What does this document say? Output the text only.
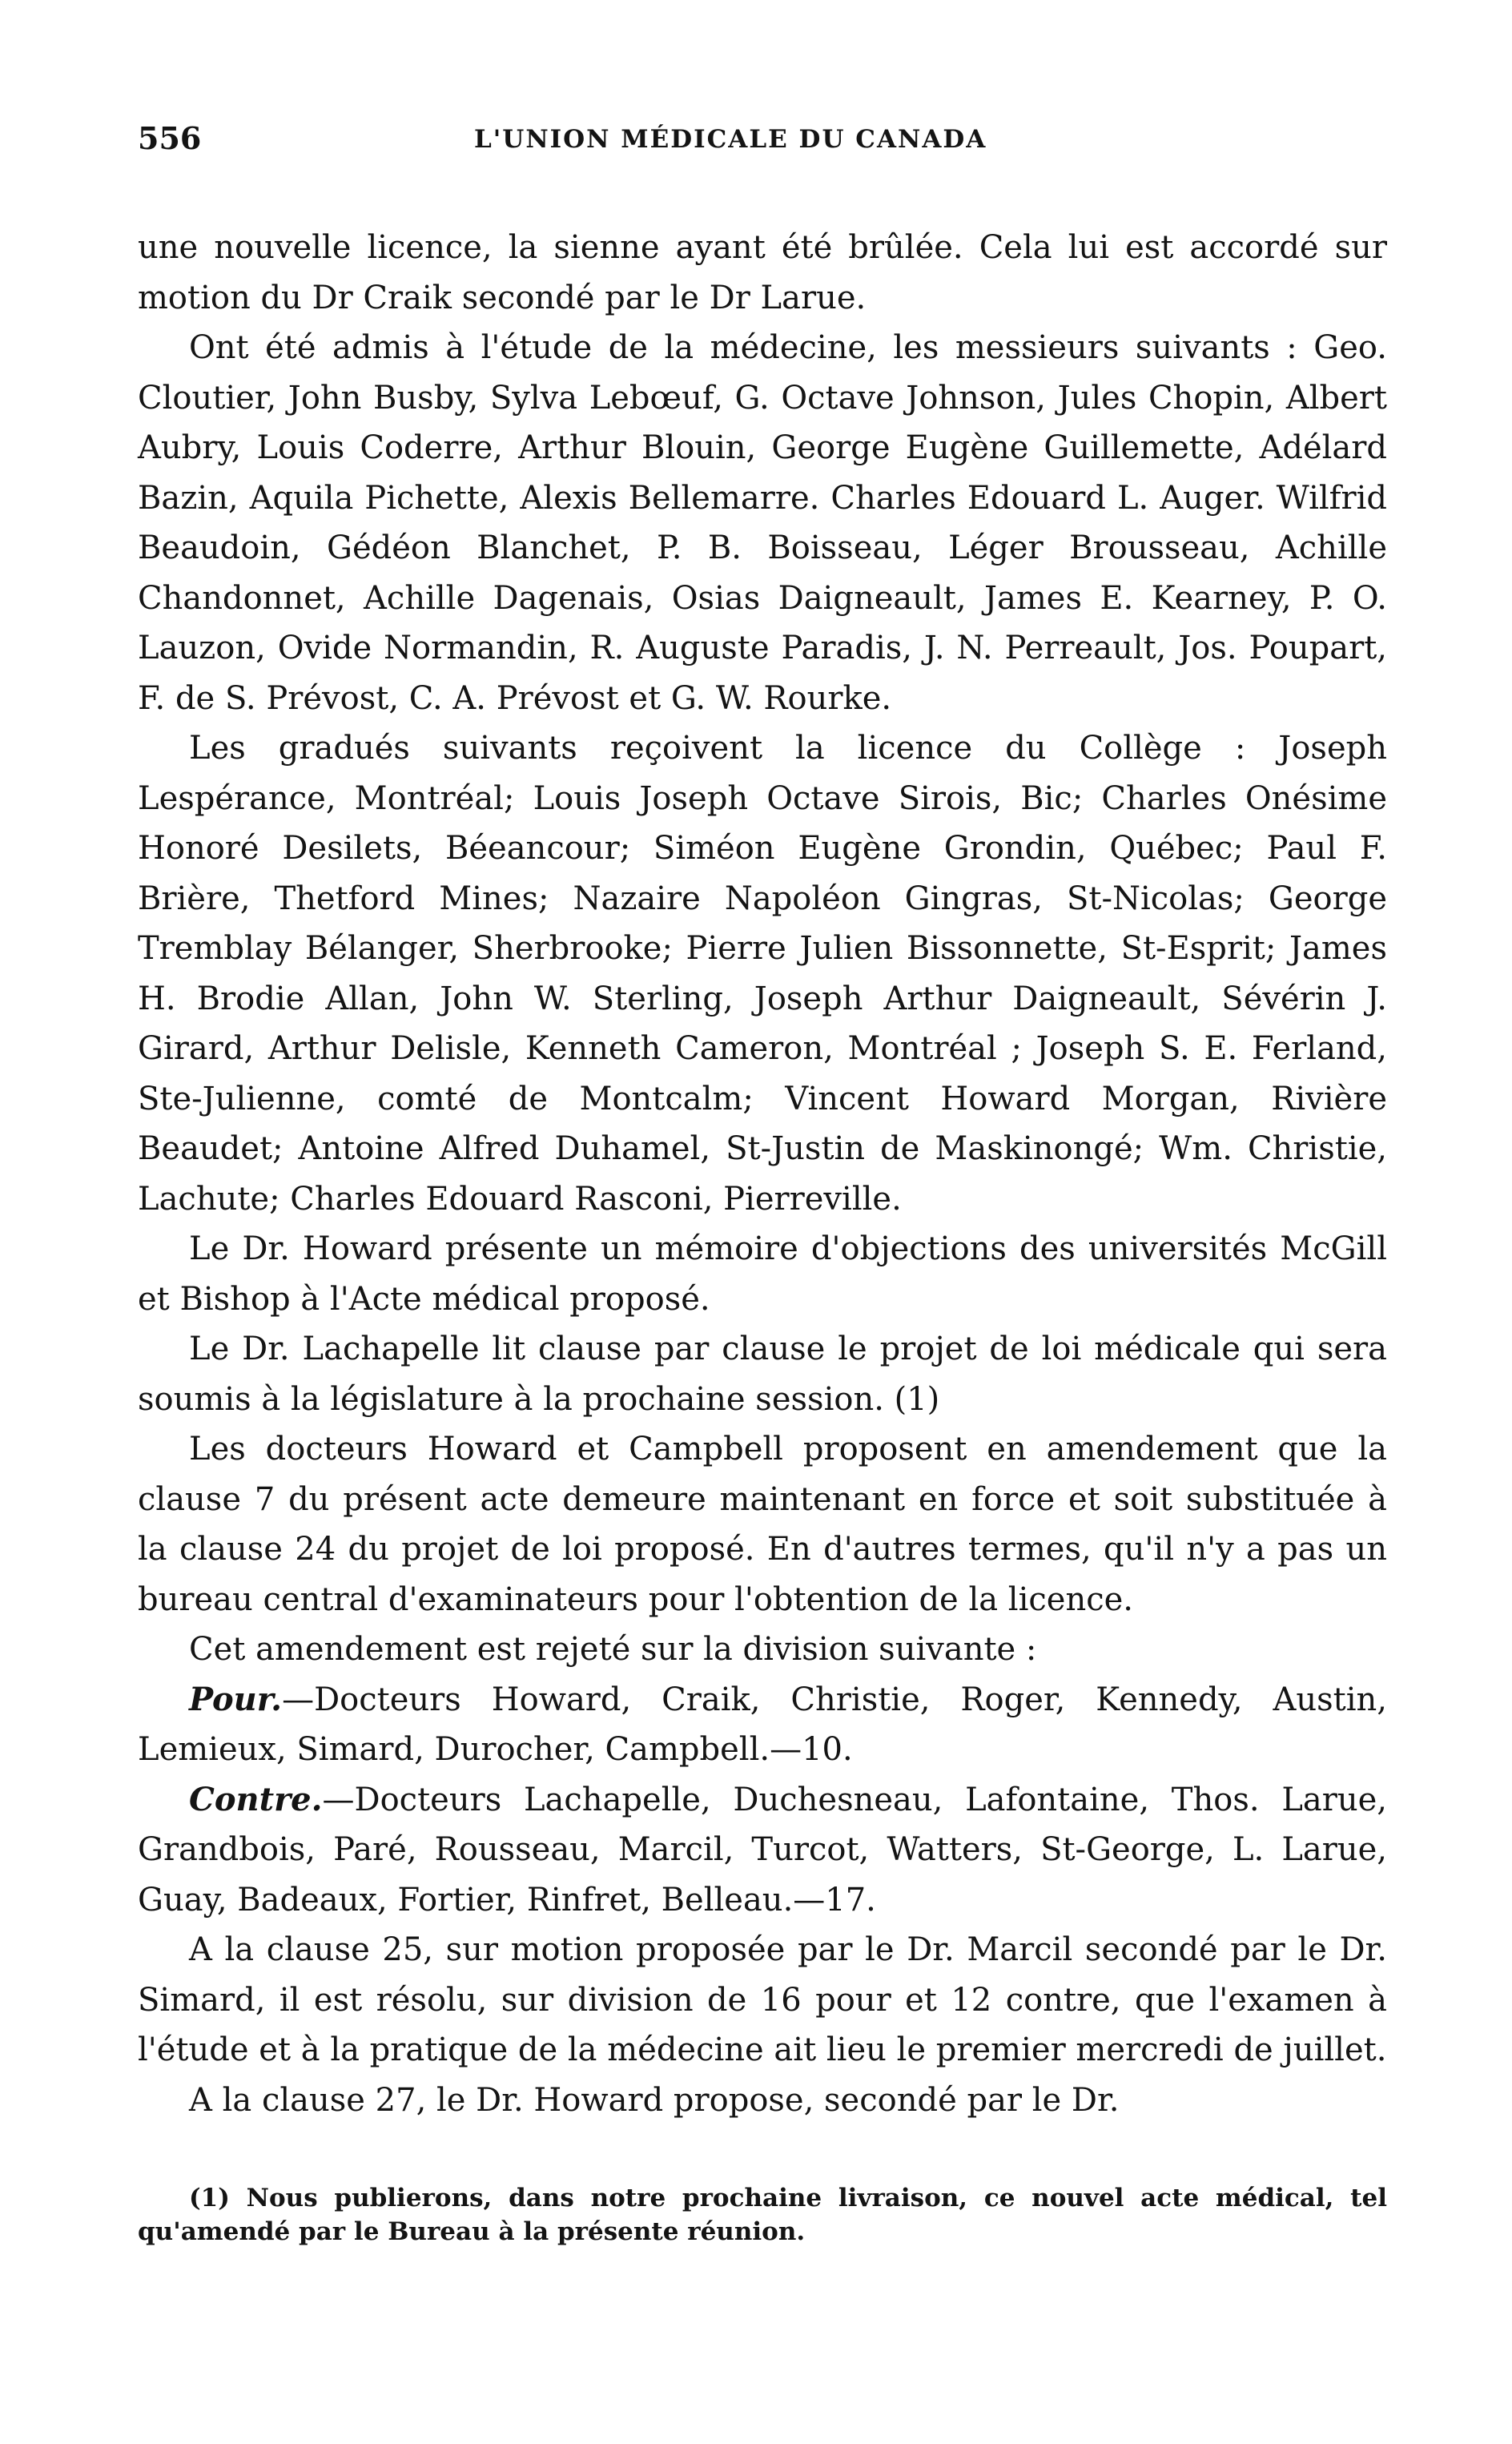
556	L'UNION MÉDICALE DU CANADA

une nouvelle licence, la sienne ayant été brûlée. Cela lui est accordé sur motion du Dr Craik secondé par le Dr Larue.

Ont été admis à l'étude de la médecine, les messieurs suivants : Geo. Cloutier, John Busby, Sylva Lebœuf, G. Octave Johnson, Jules Chopin, Albert Aubry, Louis Coderre, Arthur Blouin, George Eugène Guillemette, Adélard Bazin, Aquila Pichette, Alexis Bellemarre. Charles Edouard L. Auger. Wilfrid Beaudoin, Gédéon Blanchet, P. B. Boisseau, Léger Brousseau, Achille Chandonnet, Achille Dagenais, Osias Daigneault, James E. Kearney, P. O. Lauzon, Ovide Normandin, R. Auguste Paradis, J. N. Perreault, Jos. Poupart, F. de S. Prévost, C. A. Prévost et G. W. Rourke.

Les gradués suivants reçoivent la licence du Collège : Joseph Lespérance, Montréal; Louis Joseph Octave Sirois, Bic; Charles Onésime Honoré Desilets, Béeancour; Siméon Eugène Grondin, Québec; Paul F. Brière, Thetford Mines; Nazaire Napoléon Gingras, St-Nicolas; George Tremblay Bélanger, Sherbrooke; Pierre Julien Bissonnette, St-Esprit; James H. Brodie Allan, John W. Sterling, Joseph Arthur Daigneault, Sévérin J. Girard, Arthur Delisle, Kenneth Cameron, Montréal ; Joseph S. E. Ferland, Ste-Julienne, comté de Montcalm; Vincent Howard Morgan, Rivière Beaudet; Antoine Alfred Duhamel, St-Justin de Maskinongé; Wm. Christie, Lachute; Charles Edouard Rasconi, Pierreville.

Le Dr. Howard présente un mémoire d'objections des universités McGill et Bishop à l'Acte médical proposé.

Le Dr. Lachapelle lit clause par clause le projet de loi médicale qui sera soumis à la législature à la prochaine session. (1)

Les docteurs Howard et Campbell proposent en amendement que la clause 7 du présent acte demeure maintenant en force et soit substituée à la clause 24 du projet de loi proposé. En d'autres termes, qu'il n'y a pas un bureau central d'examinateurs pour l'obtention de la licence.

Cet amendement est rejeté sur la division suivante :

Pour.—Docteurs Howard, Craik, Christie, Roger, Kennedy, Austin, Lemieux, Simard, Durocher, Campbell.—10.

Contre.—Docteurs Lachapelle, Duchesneau, Lafontaine, Thos. Larue, Grandbois, Paré, Rousseau, Marcil, Turcot, Watters, St-George, L. Larue, Guay, Badeaux, Fortier, Rinfret, Belleau.—17.

A la clause 25, sur motion proposée par le Dr. Marcil secondé par le Dr. Simard, il est résolu, sur division de 16 pour et 12 contre, que l'examen à l'étude et à la pratique de la médecine ait lieu le premier mercredi de juillet.

A la clause 27, le Dr. Howard propose, secondé par le Dr.

(1) Nous publierons, dans notre prochaine livraison, ce nouvel acte médical, tel qu'amendé par le Bureau à la présente réunion.
